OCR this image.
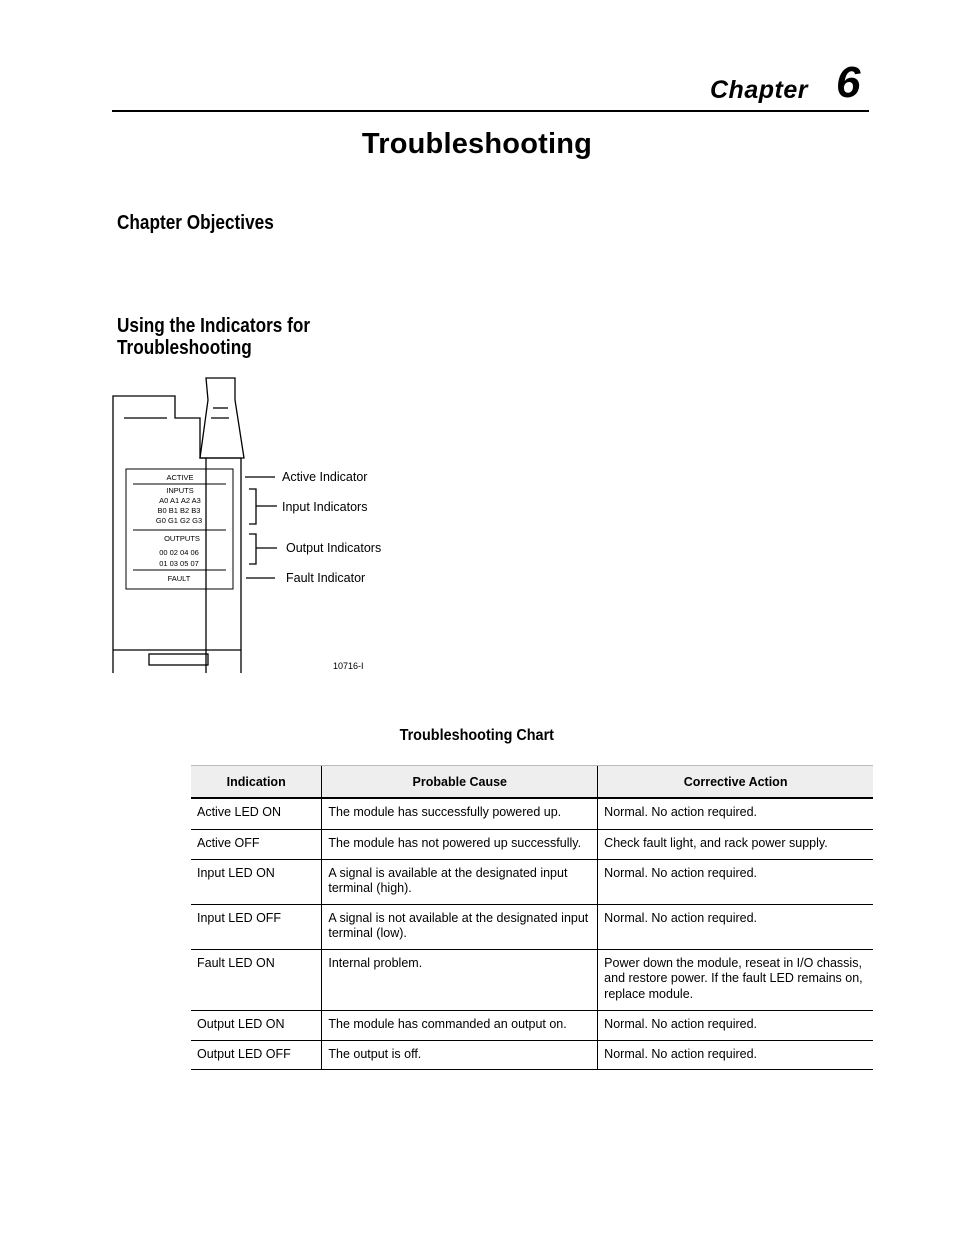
Chapter 6
Troubleshooting
Chapter Objectives
Using the Indicators for
Troubleshooting
ACTIVE
INPUTS
A0 A1 A2 A3
B0 B1 B2 B3
G0 G1 G2 G3
OUTPUTS
00 02 04 06
01 03 05 07
FAULT
Active Indicator
Input Indicators
Output Indicators
Fault Indicator
10716-I
Troubleshooting Chart
Indication	Probable Cause	Corrective Action
Active LED ON	The module has successfully powered up.	Normal. No action required.
Active OFF	The module has not powered up successfully.	Check fault light, and rack power supply.
Input LED ON	A signal is available at the designated input terminal (high).	Normal. No action required.
Input LED OFF	A signal is not available at the designated input terminal (low).	Normal. No action required.
Fault LED ON	Internal problem.	Power down the module, reseat in I/O chassis, and restore power. If the fault LED remains on, replace module.
Output LED ON	The module has commanded an output on.	Normal. No action required.
Output LED OFF	The output is off.	Normal. No action required.
